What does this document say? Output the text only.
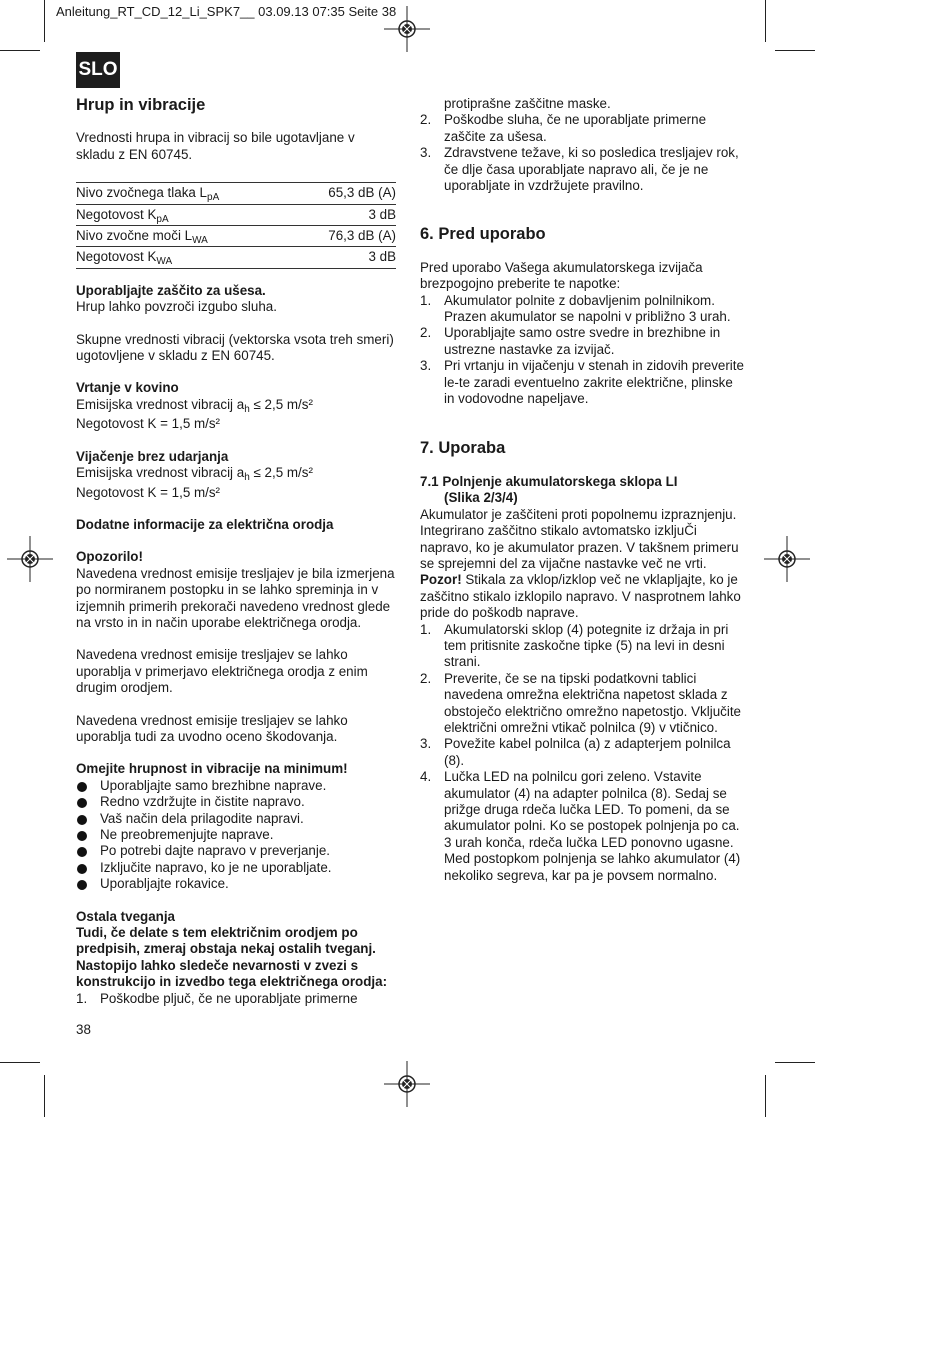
Anleitung_RT_CD_12_Li_SPK7__ 03.09.13 07:35 Seite 38
SLO
Hrup in vibracije

Vrednosti hrupa in vibracij so bile ugotavljane v skladu z EN 60745.

Nivo zvočnega tlaka $L_{pA}$	65,3 dB (A)
Negotovost $K_{pA}$	3 dB
Nivo zvočne moči $L_{WA}$	76,3 dB (A)
Negotovost $K_{WA}$	3 dB

Uporabljajte zaščito za ušesa.

Hrup lahko povzroči izgubo sluha.

Skupne vrednosti vibracij (vektorska vsota treh smeri) ugotovljene v skladu z EN 60745.

Vrtanje v kovino

Emisijska vrednost vibracij $a_h \le 2,5$ m/s²

Negotovost K = 1,5 m/s²

Vijačenje brez udarjanja

Emisijska vrednost vibracij $a_h \le 2,5$ m/s²

Negotovost K = 1,5 m/s²

Dodatne informacije za električna orodja

Opozorilo!

Navedena vrednost emisije tresljajev je bila izmerjena po normiranem postopku in se lahko spreminja in v izjemnih primerih prekorači navedeno vrednost glede na vrsto in in način uporabe električnega orodja.

Navedena vrednost emisije tresljajev se lahko uporablja v primerjavo električnega orodja z enim drugim orodjem.

Navedena vrednost emisije tresljajev se lahko uporablja tudi za uvodno oceno škodovanja.

Omejite hrupnost in vibracije na minimum!

Uporabljajte samo brezhibne naprave.
Redno vzdržujte in čistite napravo.
Vaš način dela prilagodite napravi.
Ne preobremenjujte naprave.
Po potrebi dajte napravo v preverjanje.
Izključite napravo, ko je ne uporabljate.
Uporabljajte rokavice.

Ostala tveganja

Tudi, če delate s tem električnim orodjem po predpisih, zmeraj obstaja nekaj ostalih tveganj. Nastopijo lahko sledeče nevarnosti v zvezi s konstrukcijo in izvedbo tega električnega orodja:

1. Poškodbe pljuč, če ne uporabljate primerne
38

protiprašne zaščitne maske.

2. Poškodbe sluha, če ne uporabljate primerne zaščite za ušesa.
3. Zdravstvene težave, ki so posledica tresljajev rok, če dlje časa uporabljate napravo ali, če je ne uporabljate in vzdržujete pravilno.
6. Pred uporabo

Pred uporabo Vašega akumulatorskega izvijača brezpogojno preberite te napotke:

1. Akumulator polnite z dobavljenim polnilnikom. Prazen akumulator se napolni v približno 3 urah.
2. Uporabljajte samo ostre svedre in brezhibne in ustrezne nastavke za izvijač.
3. Pri vrtanju in vijačenju v stenah in zidovih preverite le-te zaradi eventuelno zakrite električne, plinske in vodovodne napeljave.
7. Uporaba

7.1 Polnjenje akumulatorskega sklopa LI

(Slika 2/3/4)

Akumulator je zaščiteni proti popolnemu izpraznjenju. Integrirano zaščitno stikalo avtomatsko izkljuČi napravo, ko je akumulator prazen. V takšnem primeru se sprejemni del za vijačne nastavke več ne vrti.

Pozor! Stikala za vklop/izklop več ne vklapljajte, ko je zaščitno stikalo izklopilo napravo. V nasprotnem lahko pride do poškodb naprave.

1. Akumulatorski sklop (4) potegnite iz držaja in pri tem pritisnite zaskočne tipke (5) na levi in desni strani.
2. Preverite, če se na tipski podatkovni tablici navedena omrežna električna napetost sklada z obstoječo električno omrežno napetostjo. Vključite električni omrežni vtikač polnilca (9) v vtičnico.
3. Povežite kabel polnilca (a) z adapterjem polnilca (8).
4. Lučka LED na polnilcu gori zeleno. Vstavite akumulator (4) na adapter polnilca (8). Sedaj se prižge druga rdeča lučka LED. To pomeni, da se akumulator polni. Ko se postopek polnjenja po ca. 3 urah konča, rdeča lučka LED ponovno ugasne. Med postopkom polnjenja se lahko akumulator (4) nekoliko segreva, kar pa je povsem normalno.
